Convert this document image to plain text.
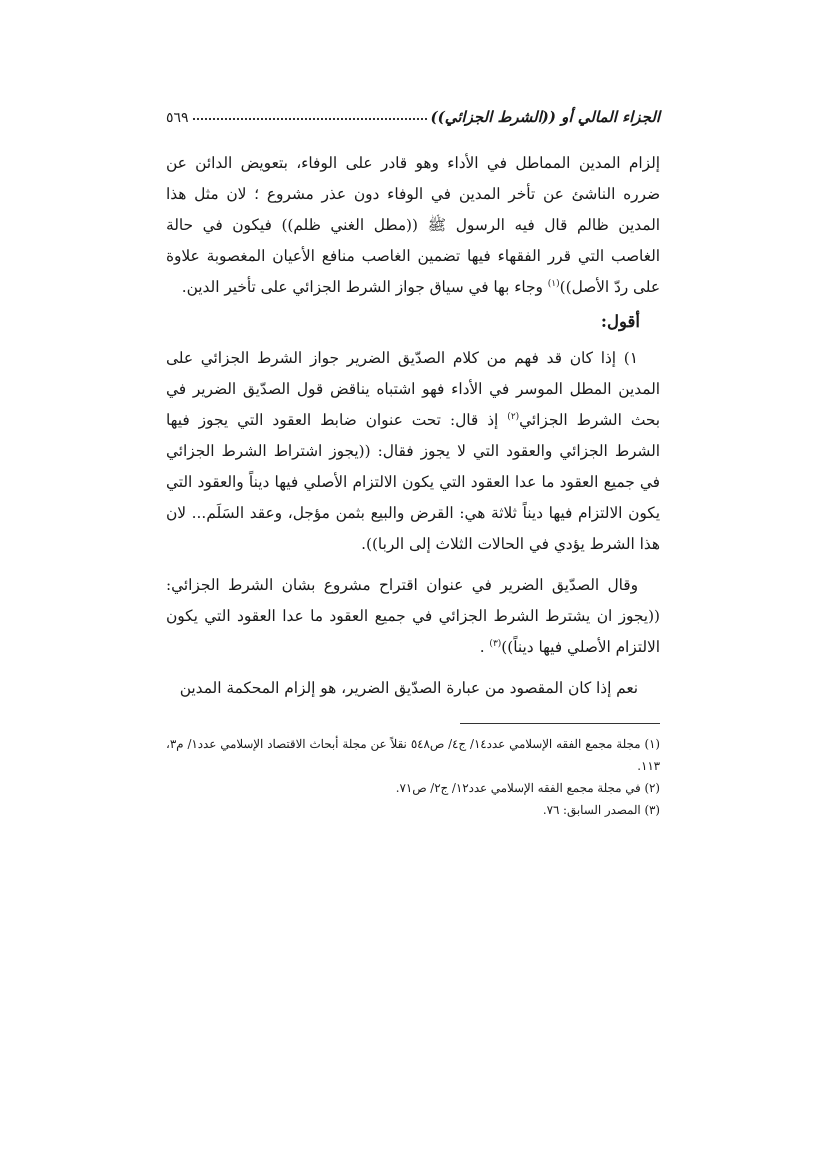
الجزاء المالي أو ((الشرط الجزائي))
٥٦٩

إلزام المدين المماطل في الأداء وهو قادر على الوفاء، بتعويض الدائن عن ضرره الناشئ عن تأخر المدين في الوفاء دون عذر مشروع ؛ لان مثل هذا المدين ظالم قال فيه الرسول ﷺ ((مطل الغني ظلم)) فيكون في حالة الغاصب التي قرر الفقهاء فيها تضمين الغاصب منافع الأعيان المغصوبة علاوة على ردّ الأصل))$^{(١)}$ وجاء بها في سياق جواز الشرط الجزائي على تأخير الدين.

أقول:

١) إذا كان قد فهم من كلام الصدّيق الضرير جواز الشرط الجزائي على المدين المطل الموسر في الأداء فهو اشتباه يناقض قول الصدّيق الضرير في بحث الشرط الجزائي$^{(٢)}$ إذ قال: تحت عنوان ضابط العقود التي يجوز فيها الشرط الجزائي والعقود التي لا يجوز فقال: ((يجوز اشتراط الشرط الجزائي في جميع العقود ما عدا العقود التي يكون الالتزام الأصلي فيها ديناً والعقود التي يكون الالتزام فيها ديناً ثلاثة هي: القرض والبيع بثمن مؤجل، وعقد السَلَم... لان هذا الشرط يؤدي في الحالات الثلاث إلى الربا)).

وقال الصدّيق الضرير في عنوان اقتراح مشروع بشان الشرط الجزائي: ((يجوز ان يشترط الشرط الجزائي في جميع العقود ما عدا العقود التي يكون الالتزام الأصلي فيها ديناً))$^{(٣)}$ .

نعم إذا كان المقصود من عبارة الصدّيق الضرير، هو إلزام المحكمة المدين

(١) مجلة مجمع الفقه الإسلامي عدد١٤/ ج٤/ ص٥٤٨ نقلاً عن مجلة أبحاث الاقتصاد الإسلامي عدد١/ م٣، ١١٣.

(٢) في مجلة مجمع الفقه الإسلامي عدد١٢/ ج٢/ ص٧١.

(٣) المصدر السابق: ٧٦.
